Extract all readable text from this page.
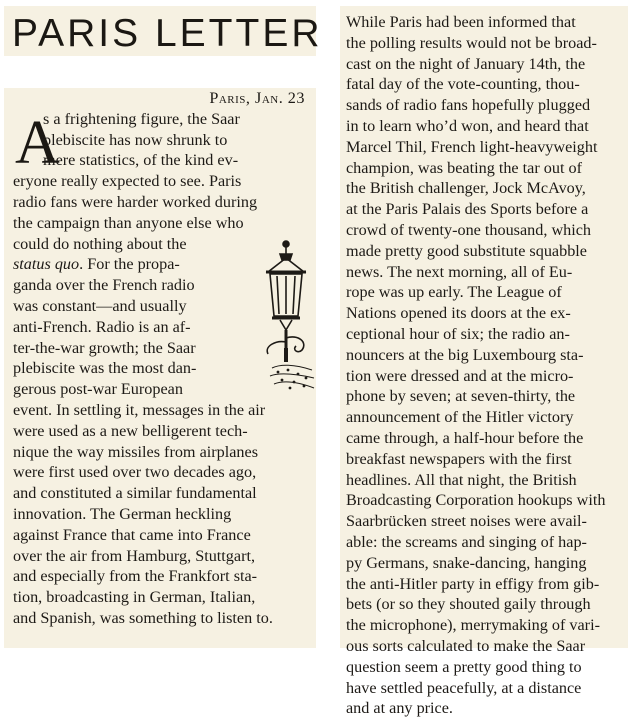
PARIS LETTER
Paris, Jan. 23
A
s a frightening figure, the Saar
plebiscite has now shrunk to
mere statistics, of the kind ev-
eryone really expected to see. Paris
radio fans were harder worked during
the campaign than anyone else who
could do nothing about the
status quo. For the propa-
ganda over the French radio
was constant—and usually
anti-French. Radio is an af-
ter-the-war growth; the Saar
plebiscite was the most dan-
gerous post-war European
event. In settling it, messages in the air
were used as a new belligerent tech-
nique the way missiles from airplanes
were first used over two decades ago,
and constituted a similar fundamental
innovation. The German heckling
against France that came into France
over the air from Hamburg, Stuttgart,
and especially from the Frankfort sta-
tion, broadcasting in German, Italian,
and Spanish, was something to listen to.
While Paris had been informed that
the polling results would not be broad-
cast on the night of January 14th, the
fatal day of the vote-counting, thou-
sands of radio fans hopefully plugged
in to learn who’d won, and heard that
Marcel Thil, French light-heavyweight
champion, was beating the tar out of
the British challenger, Jock McAvoy,
at the Paris Palais des Sports before a
crowd of twenty-one thousand, which
made pretty good substitute squabble
news. The next morning, all of Eu-
rope was up early. The League of
Nations opened its doors at the ex-
ceptional hour of six; the radio an-
nouncers at the big Luxembourg sta-
tion were dressed and at the micro-
phone by seven; at seven-thirty, the
announcement of the Hitler victory
came through, a half-hour before the
breakfast newspapers with the first
headlines. All that night, the British
Broadcasting Corporation hookups with
Saarbrücken street noises were avail-
able: the screams and singing of hap-
py Germans, snake-dancing, hanging
the anti-Hitler party in effigy from gib-
bets (or so they shouted gaily through
the microphone), merrymaking of vari-
ous sorts calculated to make the Saar
question seem a pretty good thing to
have settled peacefully, at a distance
and at any price.
